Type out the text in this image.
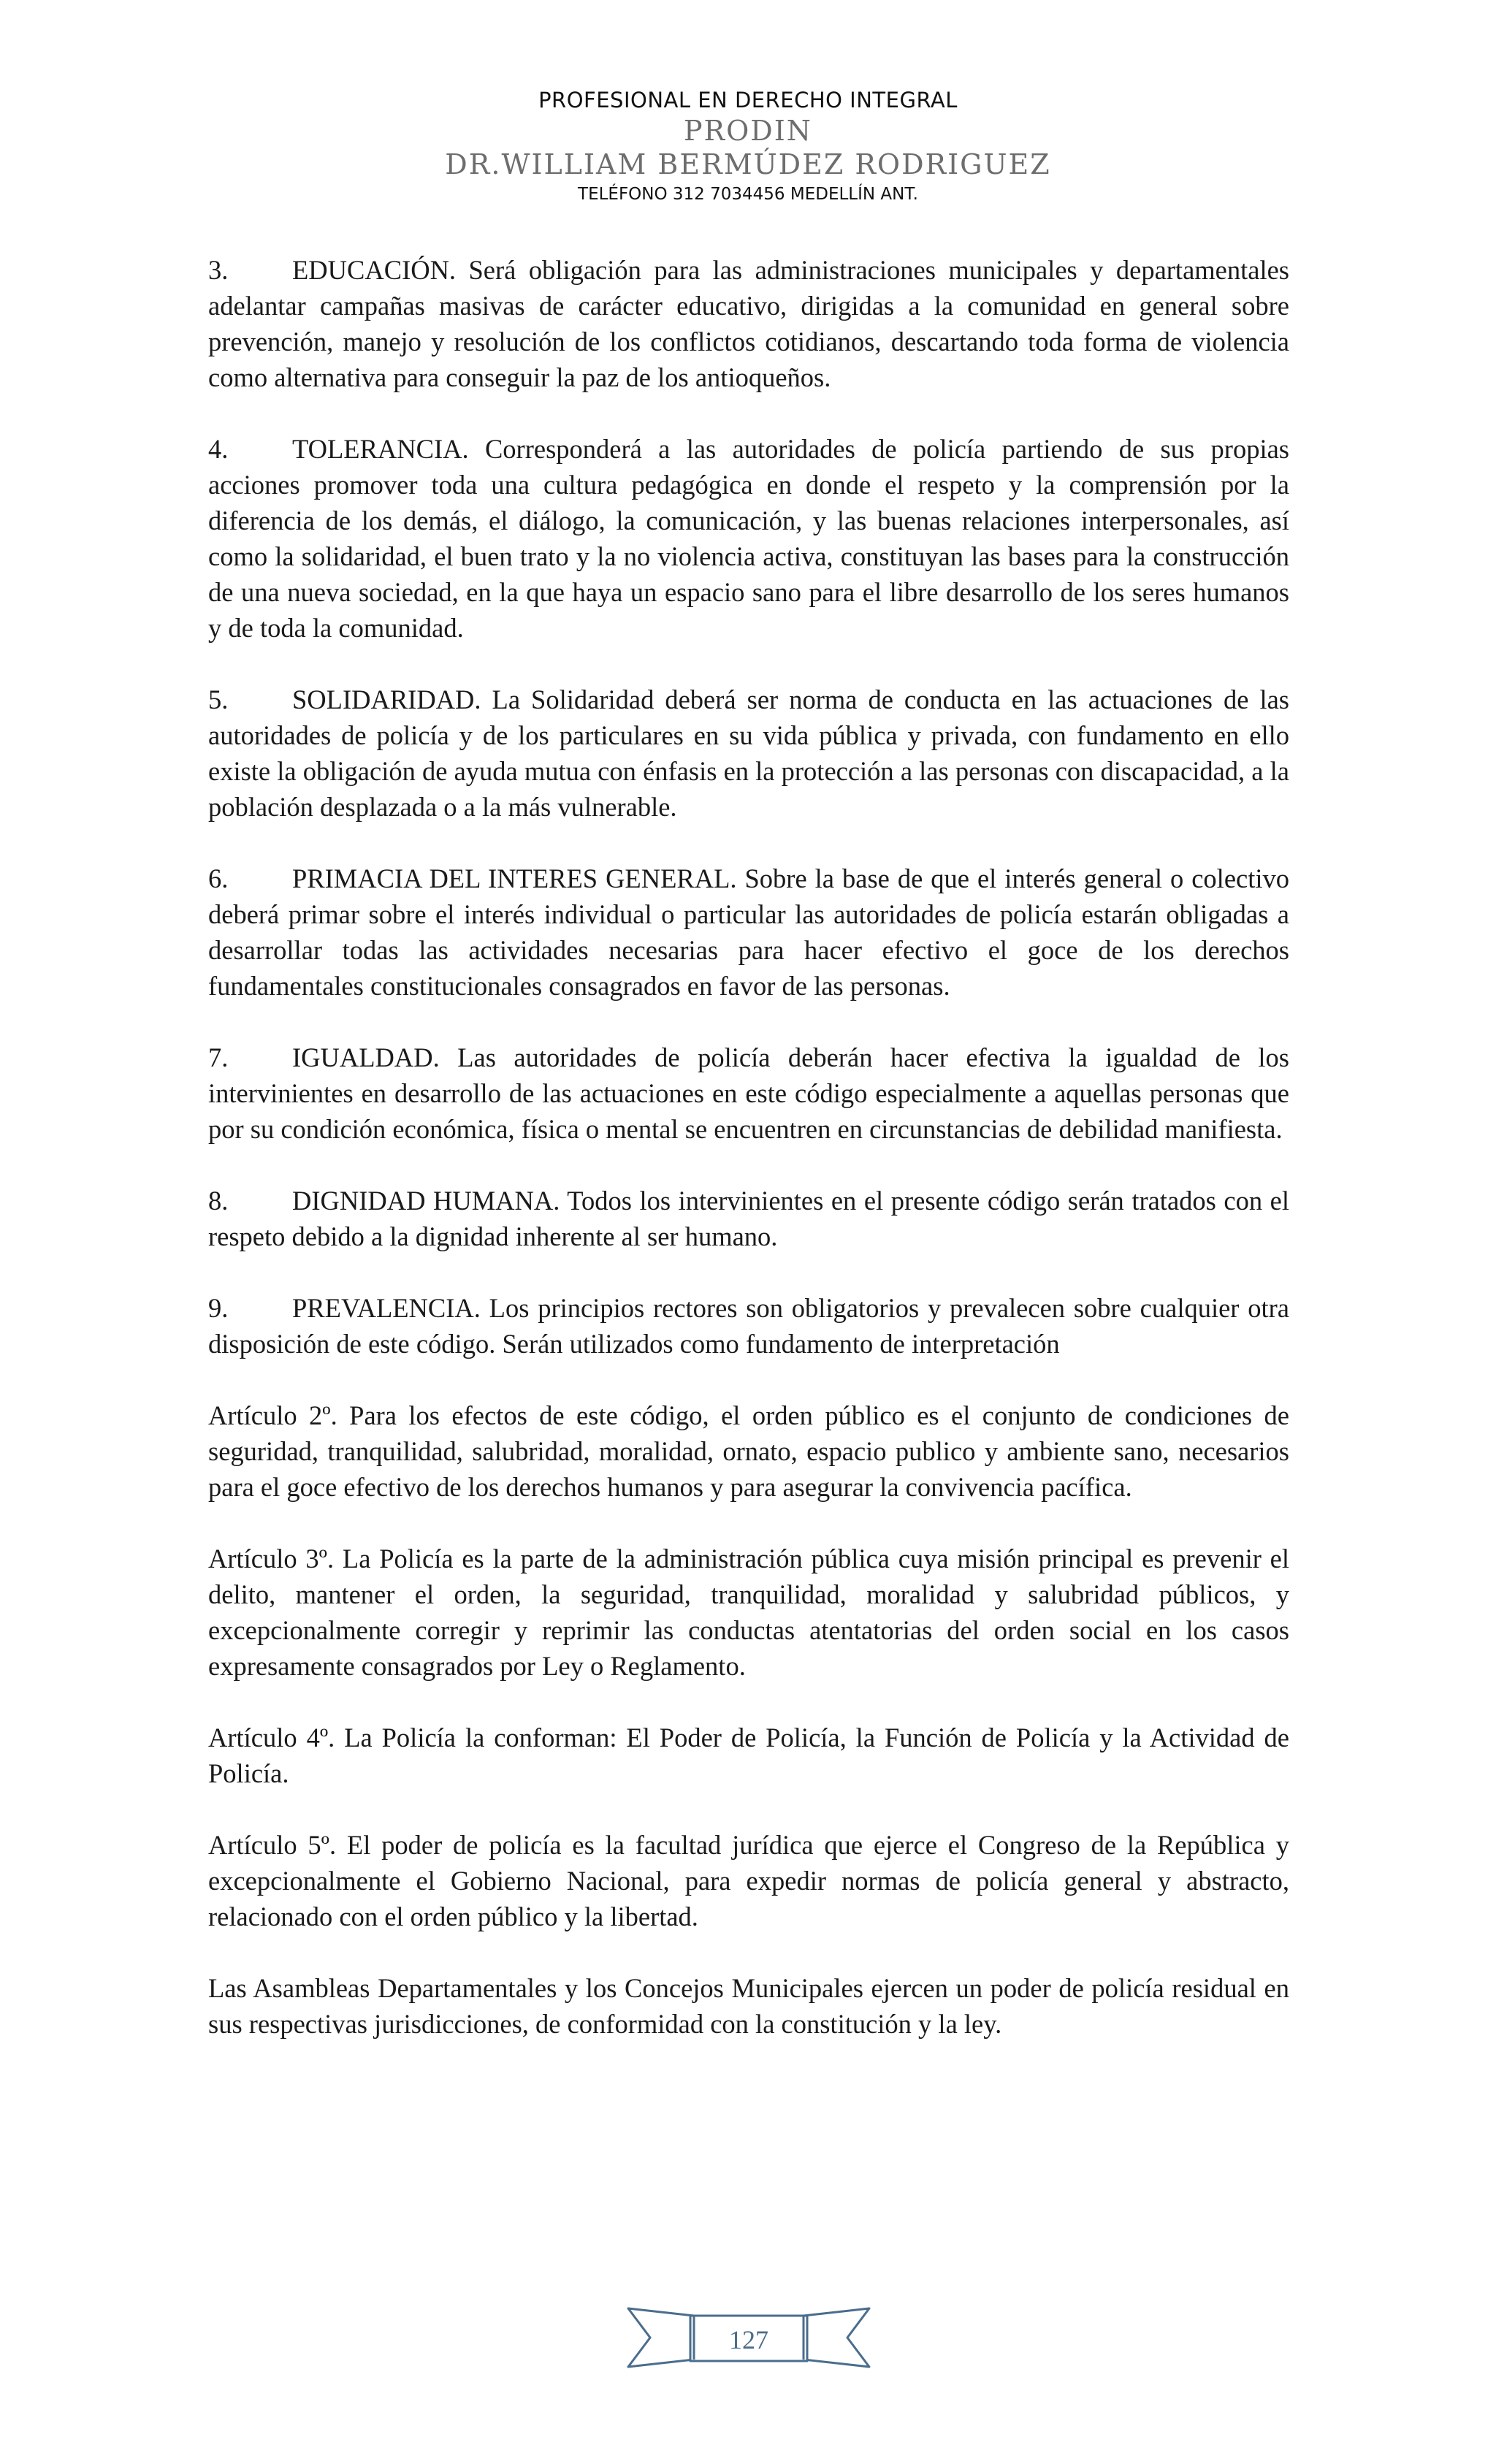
PROFESIONAL EN DERECHO INTEGRAL
PRODIN
DR.WILLIAM BERMÚDEZ RODRIGUEZ
TELÉFONO 312 7034456 MEDELLÍN ANT.

3. EDUCACIÓN. Será obligación para las administraciones municipales y departamentales adelantar campañas masivas de carácter educativo, dirigidas a la comunidad en general sobre prevención, manejo y resolución de los conflictos cotidianos, descartando toda forma de violencia como alternativa para conseguir la paz de los antioqueños.

4. TOLERANCIA. Corresponderá a las autoridades de policía partiendo de sus propias acciones promover toda una cultura pedagógica en donde el respeto y la comprensión por la diferencia de los demás, el diálogo, la comunicación, y las buenas relaciones interpersonales, así como la solidaridad, el buen trato y la no violencia activa, constituyan las bases para la construcción de una nueva sociedad, en la que haya un espacio sano para el libre desarrollo de los seres humanos y de toda la comunidad.

5. SOLIDARIDAD. La Solidaridad deberá ser norma de conducta en las actuaciones de las autoridades de policía y de los particulares en su vida pública y privada, con fundamento en ello existe la obligación de ayuda mutua con énfasis en la protección a las personas con discapacidad, a la población desplazada o a la más vulnerable.

6. PRIMACIA DEL INTERES GENERAL. Sobre la base de que el interés general o colectivo deberá primar sobre el interés individual o particular las autoridades de policía estarán obligadas a desarrollar todas las actividades necesarias para hacer efectivo el goce de los derechos fundamentales constitucionales consagrados en favor de las personas.

7. IGUALDAD. Las autoridades de policía deberán hacer efectiva la igualdad de los intervinientes en desarrollo de las actuaciones en este código especialmente a aquellas personas que por su condición económica, física o mental se encuentren en circunstancias de debilidad manifiesta.

8. DIGNIDAD HUMANA. Todos los intervinientes en el presente código serán tratados con el respeto debido a la dignidad inherente al ser humano.

9. PREVALENCIA. Los principios rectores son obligatorios y prevalecen sobre cualquier otra disposición de este código. Serán utilizados como fundamento de interpretación

Artículo 2º. Para los efectos de este código, el orden público es el conjunto de condiciones de seguridad, tranquilidad, salubridad, moralidad, ornato, espacio publico y ambiente sano, necesarios para el goce efectivo de los derechos humanos y para asegurar la convivencia pacífica.

Artículo 3º. La Policía es la parte de la administración pública cuya misión principal es prevenir el delito, mantener el orden, la seguridad, tranquilidad, moralidad y salubridad públicos, y excepcionalmente corregir y reprimir las conductas atentatorias del orden social en los casos expresamente consagrados por Ley o Reglamento.

Artículo 4º. La Policía la conforman: El Poder de Policía, la Función de Policía y la Actividad de Policía.

Artículo 5º. El poder de policía es la facultad jurídica que ejerce el Congreso de la República y excepcionalmente el Gobierno Nacional, para expedir normas de policía general y abstracto, relacionado con el orden público y la libertad.

Las Asambleas Departamentales y los Concejos Municipales ejercen un poder de policía residual en sus respectivas jurisdicciones, de conformidad con la constitución y la ley.

127
